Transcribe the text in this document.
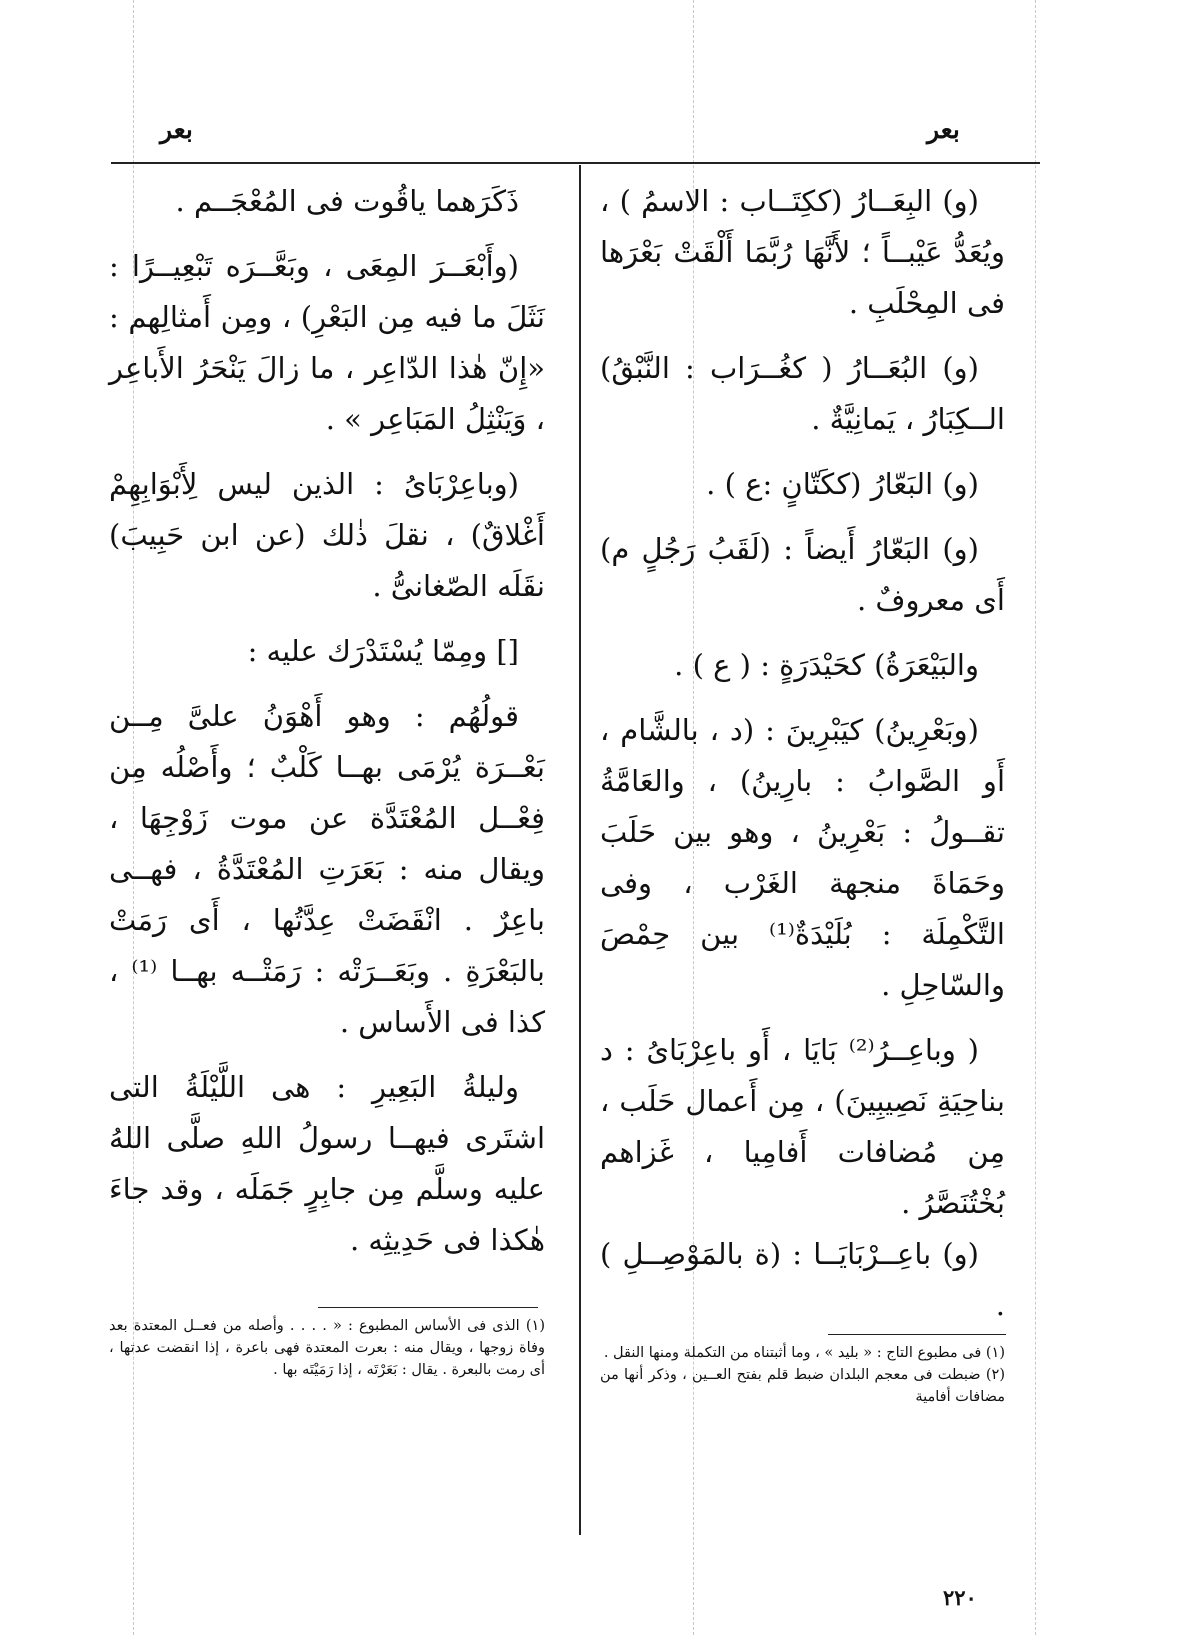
بعر	بعر

(و) البِعَــارُ (ككِتَــاب : الاسمُ ) ، ويُعَدُّ عَيْبــاً ؛ لأَنَّهَا رُبَّمَا أَلْقَتْ بَعْرَها فى المِحْلَبِ .

(و) البُعَــارُ ( كغُــرَاب : النَّبْقُ) الــكِبَارُ ، يَمانِيَّةٌ .

(و) البَعّارُ (ككَتّانٍ :ع ) .

(و) البَعّارُ أَيضاً : (لَقَبُ رَجُلٍ م) أَى معروفٌ .

والبَيْعَرَةُ) كحَيْدَرَةٍ : ( ع ) .

(وبَعْرِينُ) كيَبْرِينَ : (د ، بالشَّام ، أَو الصَّوابُ : بارِينُ) ، والعَامَّةُ تقــولُ : بَعْرِينُ ، وهو بين حَلَبَ وحَمَاةَ منجهة الغَرْب ، وفى التَّكْمِلَة : بُلَيْدَةٌ⁽¹⁾ بين حِمْصَ والسّاحِلِ .

( وباعِــرُ⁽²⁾ بَايَا ، أَو باعِرْبَاىُ : د بناحِيَةِ نَصِيبِينَ) ، مِن أَعمال حَلَب ، مِن مُضافات أَفامِيا ، غَزاهم بُخْتُنَصَّرُ .

(و) باعِــرْبَايَــا : (ة بالمَوْصِــلِ ) .

(١) فى مطبوع التاج : « بليد » ، وما أثبتناه من التكملة ومنها النقل .

(٢) ضبطت فى معجم البلدان ضبط قلم بفتح العــين ، وذكر أنها من مضافات أفامية

ذَكَرَهما ياقُوت فى المُعْجَــم .

(وأَبْعَــرَ المِعَى ، وبَعَّــرَه تَبْعِيــرًا : نَثَلَ ما فيه مِن البَعْرِ) ، ومِن أَمثالِهم : «إِنّ هٰذا الدّاعِر ، ما زالَ يَنْحَرُ الأَباعِر ، وَيَنْثِلُ المَبَاعِر » .

(وباعِرْبَاىُ : الذين ليس لِأَبْوَابِهِمْ أَغْلاقٌ) ، نقلَ ذٰلك (عن ابن حَبِيبَ) نقَلَه الصّغانىُّ .

[] ومِمّا يُسْتَدْرَك عليه :

قولُهُم : وهو أَهْوَنُ علىَّ مِــن بَعْــرَة يُرْمَى بهــا كَلْبٌ ؛ وأَصْلُه مِن فِعْــل المُعْتَدَّة عن موت زَوْجِهَا ، ويقال منه : بَعَرَتِ المُعْتَدَّةُ ، فهــى باعِرٌ . انْقَضَتْ عِدَّتُها ، أَى رَمَتْ بالبَعْرَةِ . وبَعَــرَتْه : رَمَتْــه بهــا ⁽¹⁾ ، كذا فى الأَساس .

وليلةُ البَعِيرِ : هى اللَّيْلَةُ التى اشتَرى فيهــا رسولُ اللهِ صلَّى اللهُ عليه وسلَّم مِن جابِرٍ جَمَلَه ، وقد جاءَ هٰكذا فى حَدِيثِه .

(١) الذى فى الأساس المطبوع : « . . . . وأصله من فعــل المعتدة بعد وفاة زوجها ، ويقال منه : بعرت المعتدة فهى باعرة ، إذا انقضت عدتها ، أى رمت بالبعرة . يقال : بَعَرْتَه ، إذا رَمَيْتَه بها .

٢٢٠
